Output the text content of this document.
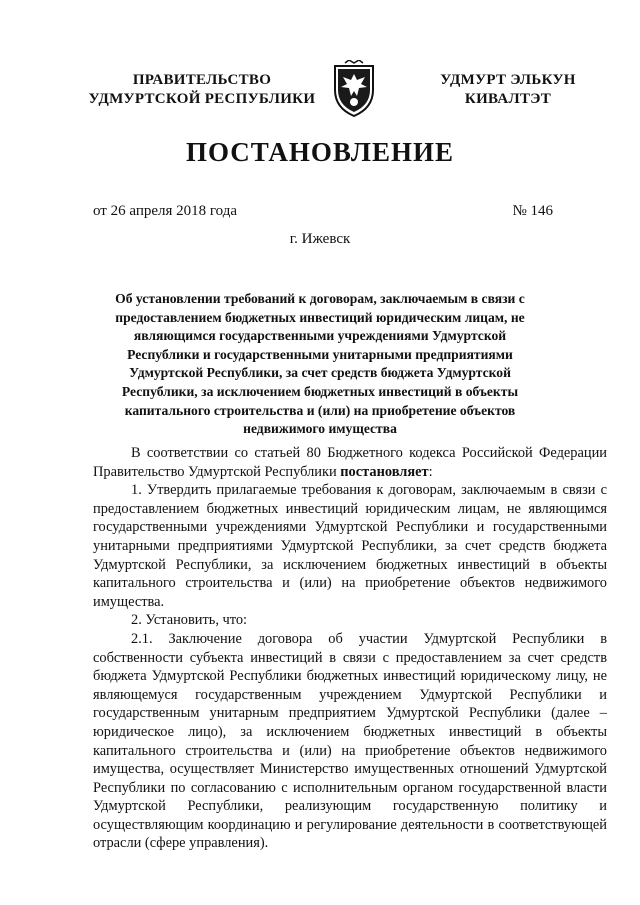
ПРАВИТЕЛЬСТВО
УДМУРТСКОЙ РЕСПУБЛИКИ
УДМУРТ ЭЛЬКУН
КИВАЛТЭТ
ПОСТАНОВЛЕНИЕ
от 26 апреля 2018 года	№ 146
г. Ижевск
Об установлении требований к договорам, заключаемым в связи с предоставлением бюджетных инвестиций юридическим лицам, не являющимся государственными учреждениями Удмуртской Республики и государственными унитарными предприятиями Удмуртской Республики, за счет средств бюджета Удмуртской Республики, за исключением бюджетных инвестиций в объекты капитального строительства и (или) на приобретение объектов недвижимого имущества

В соответствии со статьей 80 Бюджетного кодекса Российской Федерации Правительство Удмуртской Республики постановляет:

1. Утвердить прилагаемые требования к договорам, заключаемым в связи с предоставлением бюджетных инвестиций юридическим лицам, не являющимся государственными учреждениями Удмуртской Республики и государственными унитарными предприятиями Удмуртской Республики, за счет средств бюджета Удмуртской Республики, за исключением бюджетных инвестиций в объекты капитального строительства и (или) на приобретение объектов недвижимого имущества.

2. Установить, что:

2.1. Заключение договора об участии Удмуртской Республики в собственности субъекта инвестиций в связи с предоставлением за счет средств бюджета Удмуртской Республики бюджетных инвестиций юридическому лицу, не являющемуся государственным учреждением Удмуртской Республики и государственным унитарным предприятием Удмуртской Республики (далее – юридическое лицо), за исключением бюджетных инвестиций в объекты капитального строительства и (или) на приобретение объектов недвижимого имущества, осуществляет Министерство имущественных отношений Удмуртской Республики по согласованию с исполнительным органом государственной власти Удмуртской Республики, реализующим государственную политику и осуществляющим координацию и регулирование деятельности в соответствующей отрасли (сфере управления).
